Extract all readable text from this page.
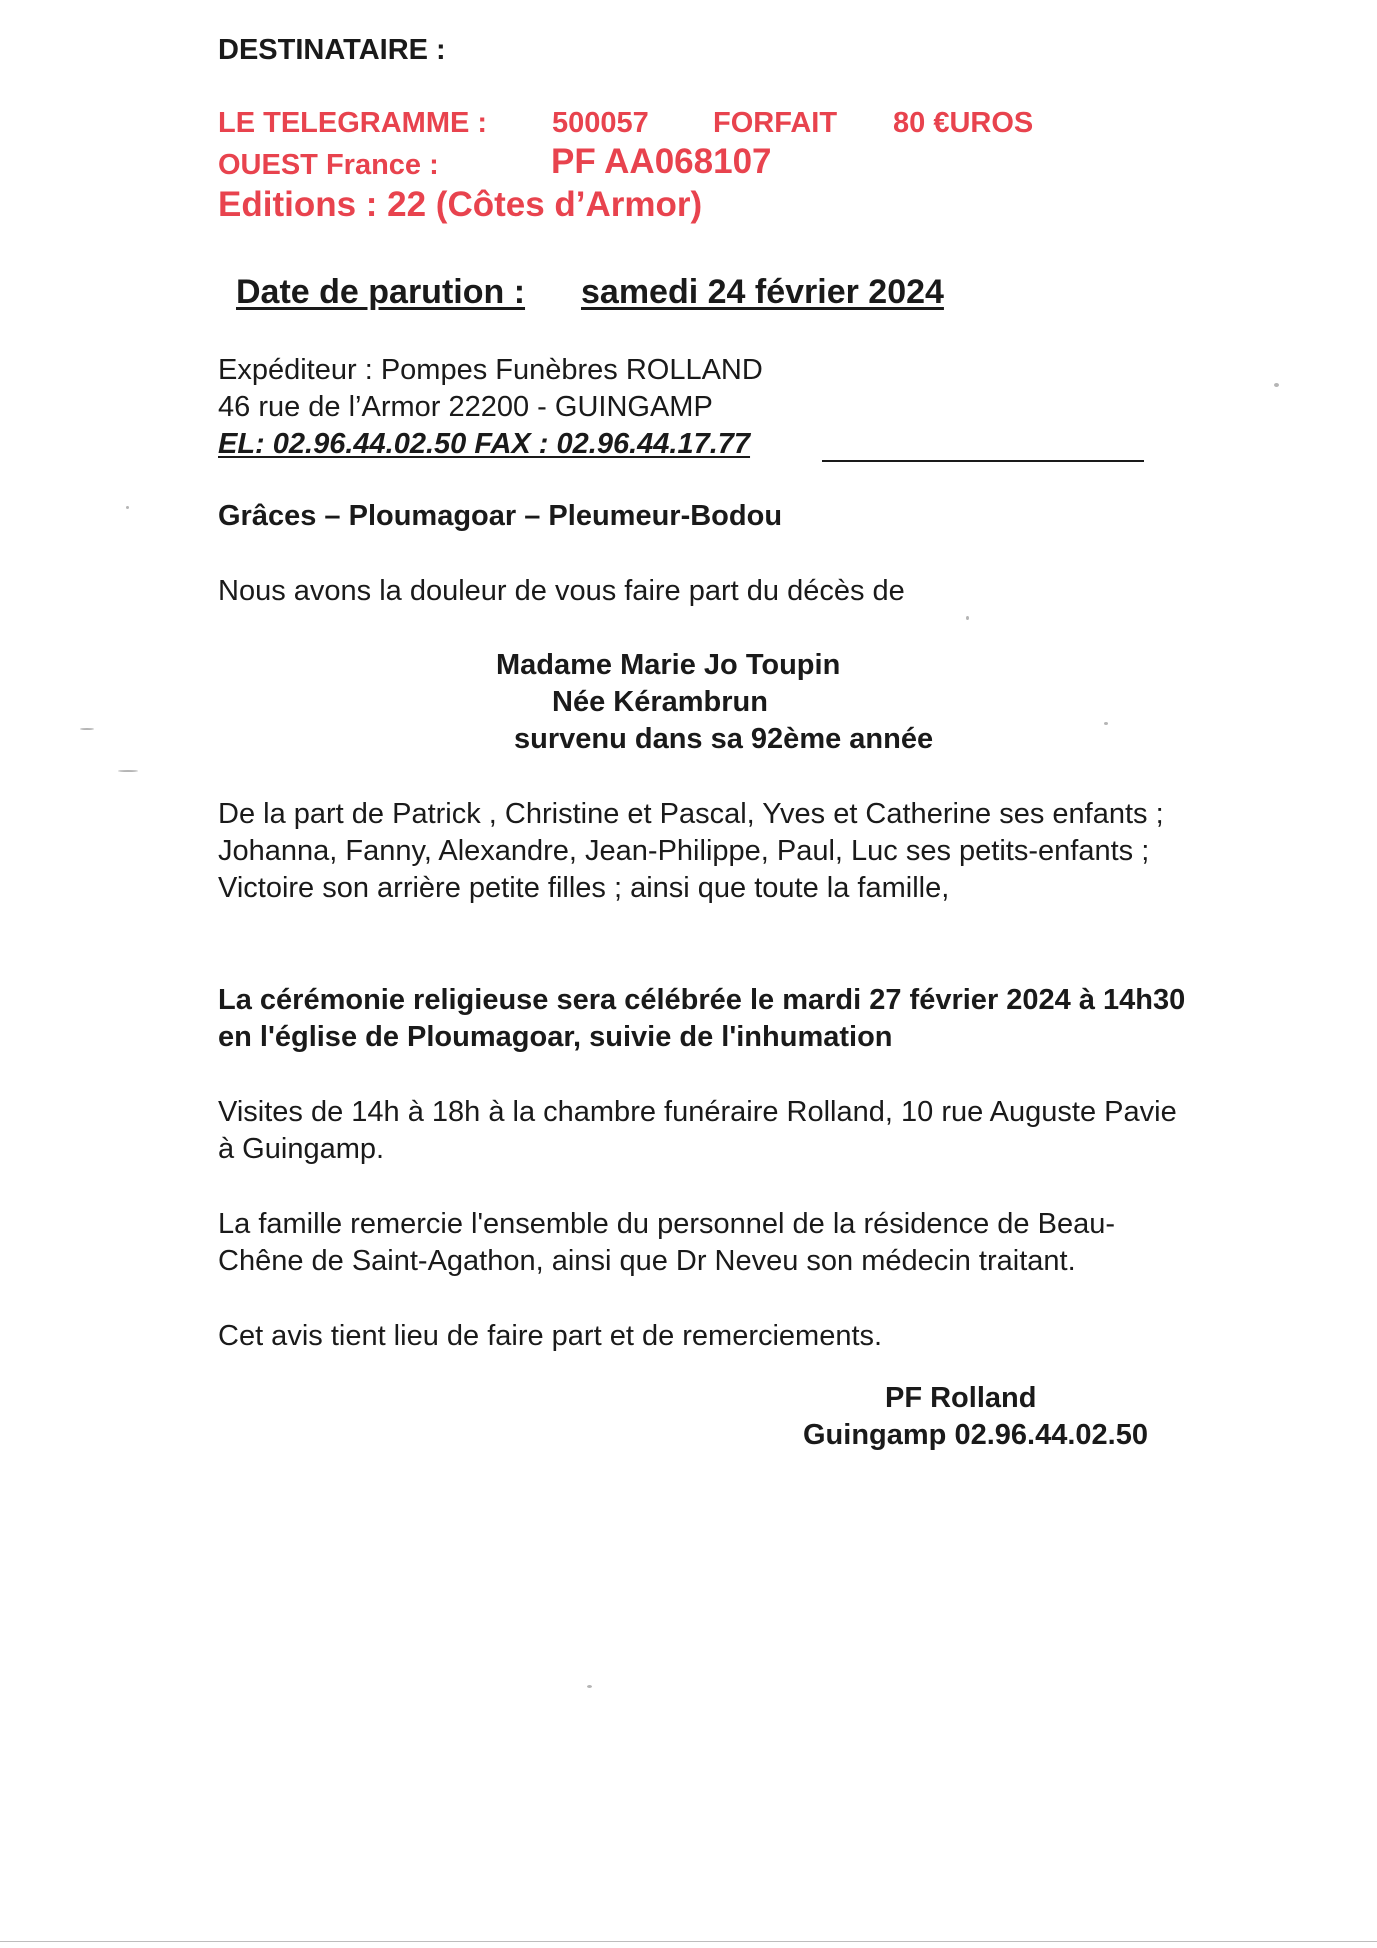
DESTINATAIRE :
LE TELEGRAMME : 500057 FORFAIT 80 €UROS
OUEST France :	PF AA068107
Editions : 22 (Côtes d’Armor)
Date de parution : samedi 24 février 2024
Expéditeur : Pompes Funèbres ROLLAND
46 rue de l’Armor 22200 - GUINGAMP
EL: 02.96.44.02.50 FAX : 02.96.44.17.77
Grâces – Ploumagoar – Pleumeur-Bodou
Nous avons la douleur de vous faire part du décès de
Madame Marie Jo Toupin
Née Kérambrun
survenu dans sa 92ème année
De la part de Patrick , Christine et Pascal, Yves et Catherine ses enfants ;
Johanna, Fanny, Alexandre, Jean-Philippe, Paul, Luc ses petits-enfants ;
Victoire son arrière petite filles ; ainsi que toute la famille,
La cérémonie religieuse sera célébrée le mardi 27 février 2024 à 14h30
en l'église de Ploumagoar, suivie de l'inhumation
Visites de 14h à 18h à la chambre funéraire Rolland, 10 rue Auguste Pavie
à Guingamp.
La famille remercie l'ensemble du personnel de la résidence de Beau-
Chêne de Saint-Agathon, ainsi que Dr Neveu son médecin traitant.
Cet avis tient lieu de faire part et de remerciements.
PF Rolland
Guingamp 02.96.44.02.50
